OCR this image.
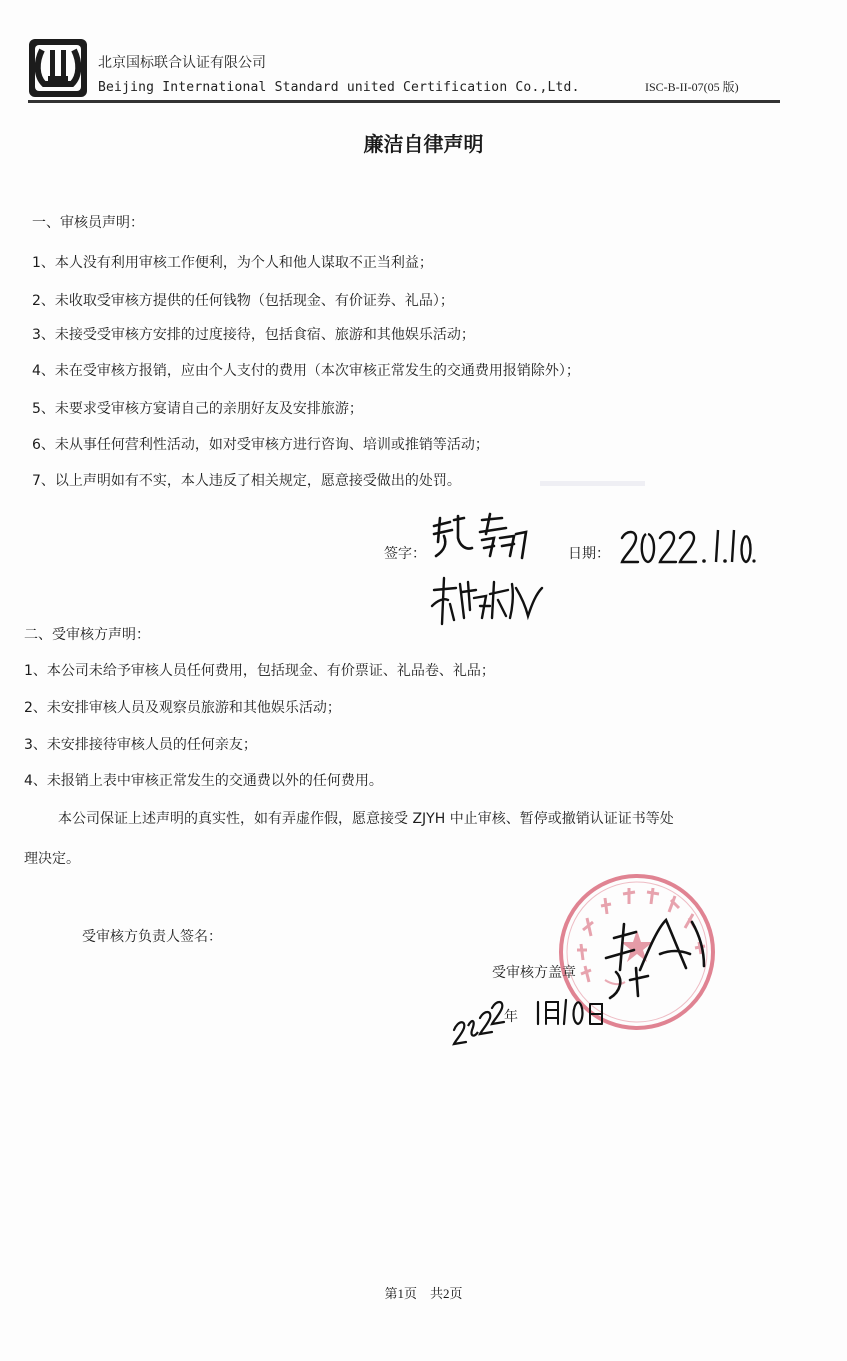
北京国标联合认证有限公司
Beijing International Standard united Certification Co.,Ltd.	ISC-B-II-07(05 版)
廉洁自律声明
一、审核员声明：
1、本人没有利用审核工作便利，为个人和他人谋取不正当利益；
2、未收取受审核方提供的任何钱物（包括现金、有价证券、礼品）；
3、未接受受审核方安排的过度接待，包括食宿、旅游和其他娱乐活动；
4、未在受审核方报销，应由个人支付的费用（本次审核正常发生的交通费用报销除外）；
5、未要求受审核方宴请自己的亲朋好友及安排旅游；
6、未从事任何营利性活动，如对受审核方进行咨询、培训或推销等活动；
7、以上声明如有不实，本人违反了相关规定，愿意接受做出的处罚。
签字：	日期：
二、受审核方声明：
1、本公司未给予审核人员任何费用，包括现金、有价票证、礼品卷、礼品；
2、未安排审核人员及观察员旅游和其他娱乐活动；
3、未安排接待审核人员的任何亲友；
4、未报销上表中审核正常发生的交通费以外的任何费用。
本公司保证上述声明的真实性，如有弄虚作假，愿意接受 ZJYH 中止审核、暂停或撤销认证证书等处
理决定。
受审核方负责人签名：
受审核方盖章
年
第1页　共2页
